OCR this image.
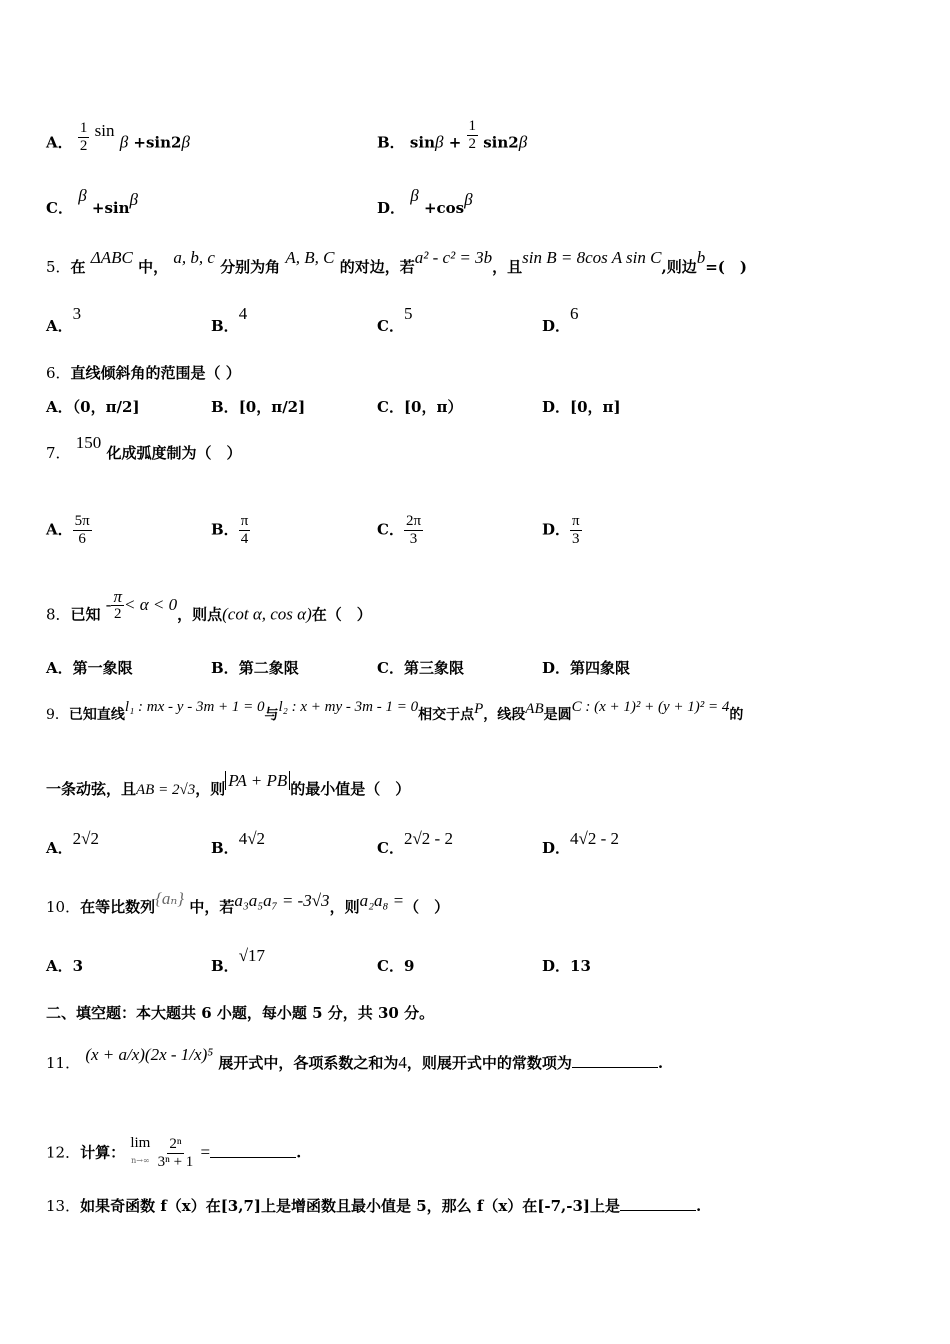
A． $\frac{1}{2}$ sin β +sin2β	B． $\sin\beta + \frac{1}{2} \sin 2\beta$
C． β +sinβ	D． β +cosβ
5．在 ΔABC 中， a, b, c 分别为角 A, B, C 的对边，若a² - c² = 3b，且sin B = 8cos A sin C,则边b=(　)
A．3
B．4
C．5
D．6
6．直线倾斜角的范围是（ ）
A．（0，π/2]	B．[0，π/2]	C．[0，π）	D．[0，π]
7． 150 化成弧度制为（　）
A． $\frac{5\pi}{6}$	B． $\frac{\pi}{4}$	C． $\frac{2\pi}{3}$	D． $\frac{\pi}{3}$
8．已知 - $\frac{\pi}{2} < \alpha < 0$，则点(cot α, cos α)在（　）
A．第一象限	B．第二象限	C．第三象限	D．第四象限
9．已知直线l₁ : mx - y - 3m + 1 = 0与l₂ : x + my - 3m - 1 = 0相交于点P，线段AB是圆C : (x + 1)² + (y + 1)² = 4的
一条动弦，且AB = 2√3，则 PA + PB 的最小值是（　）
A．2√2	B．4√2	C．2√2 - 2	D．4√2 - 2
10．在等比数列{aₙ} 中，若a₃a₅a₇ = -3√3，则a₂a₈ =（　）
A．3	B．√17
C．9	D．13
二、填空题：本大题共 6 小题，每小题 5 分，共 30 分。
11． (x + a/x)(2x - 1/x)⁵ 展开式中，各项系数之和为4，则展开式中的常数项为	.
12．计算：
lim
n→∞
$\frac{\text{2ⁿ}}{\text{3ⁿ + 1}}$ =	.
13．如果奇函数 f（x）在[3,7]上是增函数且最小值是 5，那么 f（x）在[-7,-3]上是	.
